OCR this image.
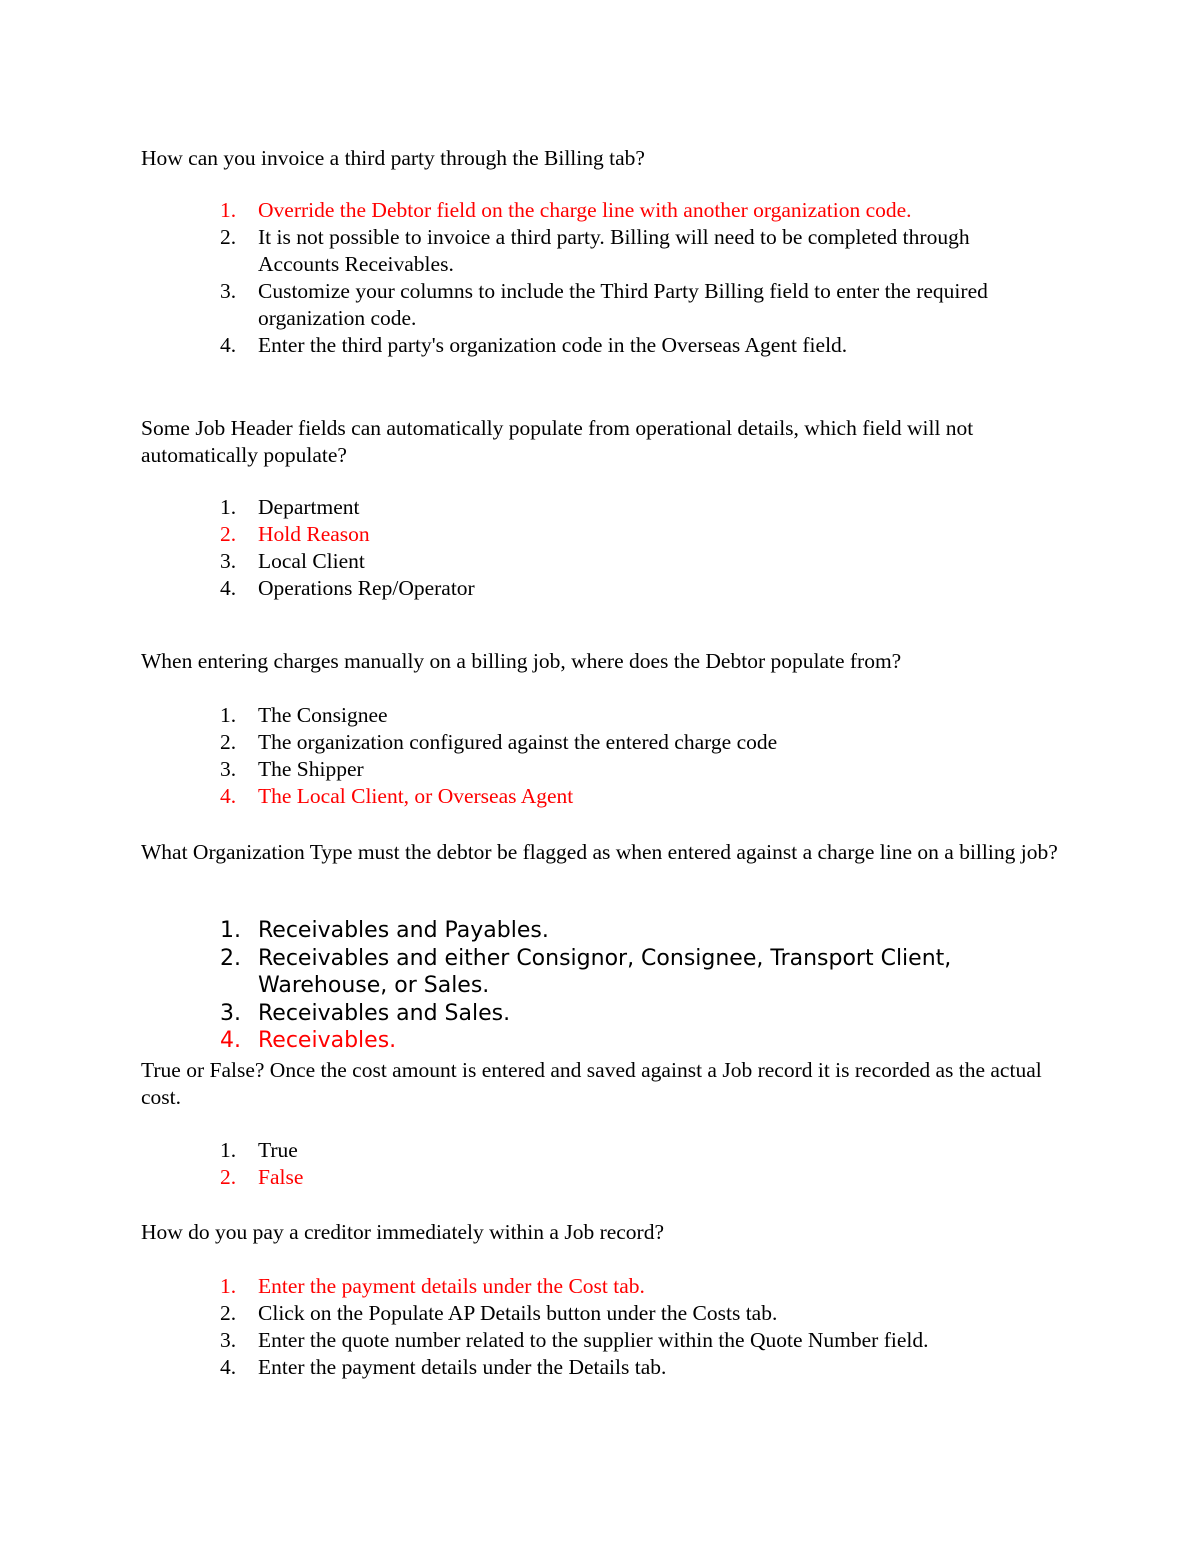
How can you invoice a third party through the Billing tab?

1. Override the Debtor field on the charge line with another organization code.
2. It is not possible to invoice a third party. Billing will need to be completed through Accounts Receivables.
3. Customize your columns to include the Third Party Billing field to enter the required organization code.
4. Enter the third party's organization code in the Overseas Agent field.

Some Job Header fields can automatically populate from operational details, which field will not automatically populate?

1. Department
2. Hold Reason
3. Local Client
4. Operations Rep/Operator

When entering charges manually on a billing job, where does the Debtor populate from?

1. The Consignee
2. The organization configured against the entered charge code
3. The Shipper
4. The Local Client, or Overseas Agent

What Organization Type must the debtor be flagged as when entered against a charge line on a billing job?

1. Receivables and Payables.
2. Receivables and either Consignor, Consignee, Transport Client, Warehouse, or Sales.
3. Receivables and Sales.
4. Receivables.

True or False? Once the cost amount is entered and saved against a Job record it is recorded as the actual cost.

1. True
2. False

How do you pay a creditor immediately within a Job record?

1. Enter the payment details under the Cost tab.
2. Click on the Populate AP Details button under the Costs tab.
3. Enter the quote number related to the supplier within the Quote Number field.
4. Enter the payment details under the Details tab.
